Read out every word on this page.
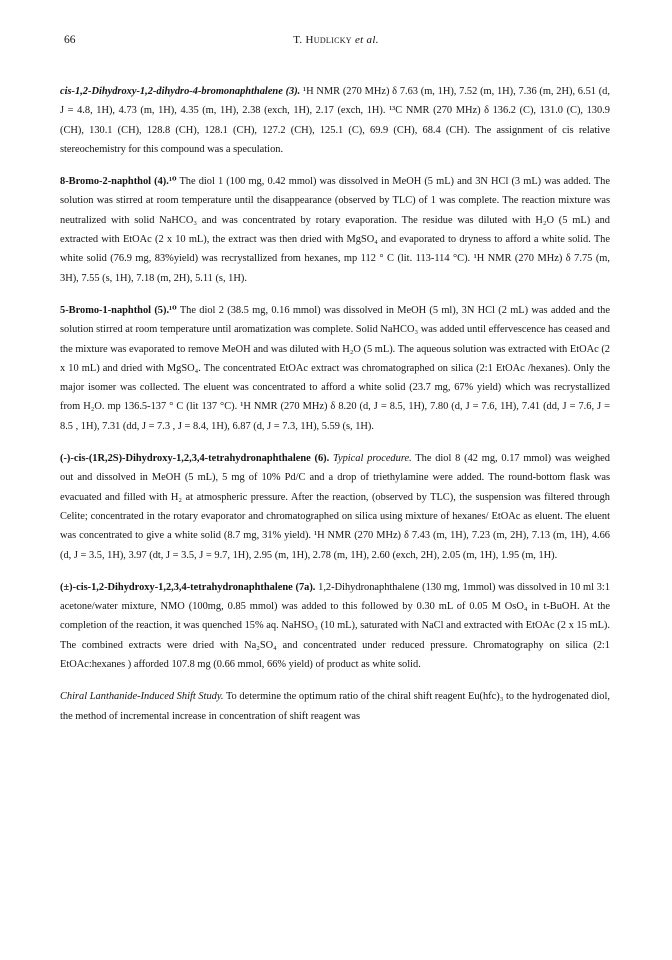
66	T. Hudlicky et al.

cis-1,2-Dihydroxy-1,2-dihydro-4-bromonaphthalene (3). ¹H NMR (270 MHz) δ 7.63 (m, 1H), 7.52 (m, 1H), 7.36 (m, 2H), 6.51 (d, J = 4.8, 1H), 4.73 (m, 1H), 4.35 (m, 1H), 2.38 (exch, 1H), 2.17 (exch, 1H). ¹³C NMR (270 MHz) δ 136.2 (C), 131.0 (C), 130.9 (CH), 130.1 (CH), 128.8 (CH), 128.1 (CH), 127.2 (CH), 125.1 (C), 69.9 (CH), 68.4 (CH). The assignment of cis relative stereochemistry for this compound was a speculation.

8-Bromo-2-naphthol (4).¹⁰ The diol 1 (100 mg, 0.42 mmol) was dissolved in MeOH (5 mL) and 3N HCl (3 mL) was added. The solution was stirred at room temperature until the disappearance (observed by TLC) of 1 was complete. The reaction mixture was neutralized with solid NaHCO₃ and was concentrated by rotary evaporation. The residue was diluted with H₂O (5 mL) and extracted with EtOAc (2 x 10 mL), the extract was then dried with MgSO₄ and evaporated to dryness to afford a white solid. The white solid (76.9 mg, 83%yield) was recrystallized from hexanes, mp 112 ° C (lit. 113-114 °C). ¹H NMR (270 MHz) δ 7.75 (m, 3H), 7.55 (s, 1H), 7.18 (m, 2H), 5.11 (s, 1H).

5-Bromo-1-naphthol (5).¹⁰ The diol 2 (38.5 mg, 0.16 mmol) was dissolved in MeOH (5 ml), 3N HCl (2 mL) was added and the solution stirred at room temperature until aromatization was complete. Solid NaHCO₃ was added until effervescence has ceased and the mixture was evaporated to remove MeOH and was diluted with H₂O (5 mL). The aqueous solution was extracted with EtOAc (2 x 10 mL) and dried with MgSO₄. The concentrated EtOAc extract was chromatographed on silica (2:1 EtOAc /hexanes). Only the major isomer was collected. The eluent was concentrated to afford a white solid (23.7 mg, 67% yield) which was recrystallized from H₂O. mp 136.5-137 ° C (lit 137 °C). ¹H NMR (270 MHz) δ 8.20 (d, J = 8.5, 1H), 7.80 (d, J = 7.6, 1H), 7.41 (dd, J = 7.6, J = 8.5 , 1H), 7.31 (dd, J = 7.3 , J = 8.4, 1H), 6.87 (d, J = 7.3, 1H), 5.59 (s, 1H).

(-)-cis-(1R,2S)-Dihydroxy-1,2,3,4-tetrahydronaphthalene (6). Typical procedure. The diol 8 (42 mg, 0.17 mmol) was weighed out and dissolved in MeOH (5 mL), 5 mg of 10% Pd/C and a drop of triethylamine were added. The round-bottom flask was evacuated and filled with H₂ at atmospheric pressure. After the reaction, (observed by TLC), the suspension was filtered through Celite; concentrated in the rotary evaporator and chromatographed on silica using mixture of hexanes/ EtOAc as eluent. The eluent was concentrated to give a white solid (8.7 mg, 31% yield). ¹H NMR (270 MHz) δ 7.43 (m, 1H), 7.23 (m, 2H), 7.13 (m, 1H), 4.66 (d, J = 3.5, 1H), 3.97 (dt, J = 3.5, J = 9.7, 1H), 2.95 (m, 1H), 2.78 (m, 1H), 2.60 (exch, 2H), 2.05 (m, 1H), 1.95 (m, 1H).

(±)-cis-1,2-Dihydroxy-1,2,3,4-tetrahydronaphthalene (7a). 1,2-Dihydronaphthalene (130 mg, 1mmol) was dissolved in 10 ml 3:1 acetone/water mixture, NMO (100mg, 0.85 mmol) was added to this followed by 0.30 mL of 0.05 M OsO₄ in t-BuOH. At the completion of the reaction, it was quenched 15% aq. NaHSO₃ (10 mL), saturated with NaCl and extracted with EtOAc (2 x 15 mL). The combined extracts were dried with Na₂SO₄ and concentrated under reduced pressure. Chromatography on silica (2:1 EtOAc:hexanes ) afforded 107.8 mg (0.66 mmol, 66% yield) of product as white solid.

Chiral Lanthanide-Induced Shift Study. To determine the optimum ratio of the chiral shift reagent Eu(hfc)₃ to the hydrogenated diol, the method of incremental increase in concentration of shift reagent was
